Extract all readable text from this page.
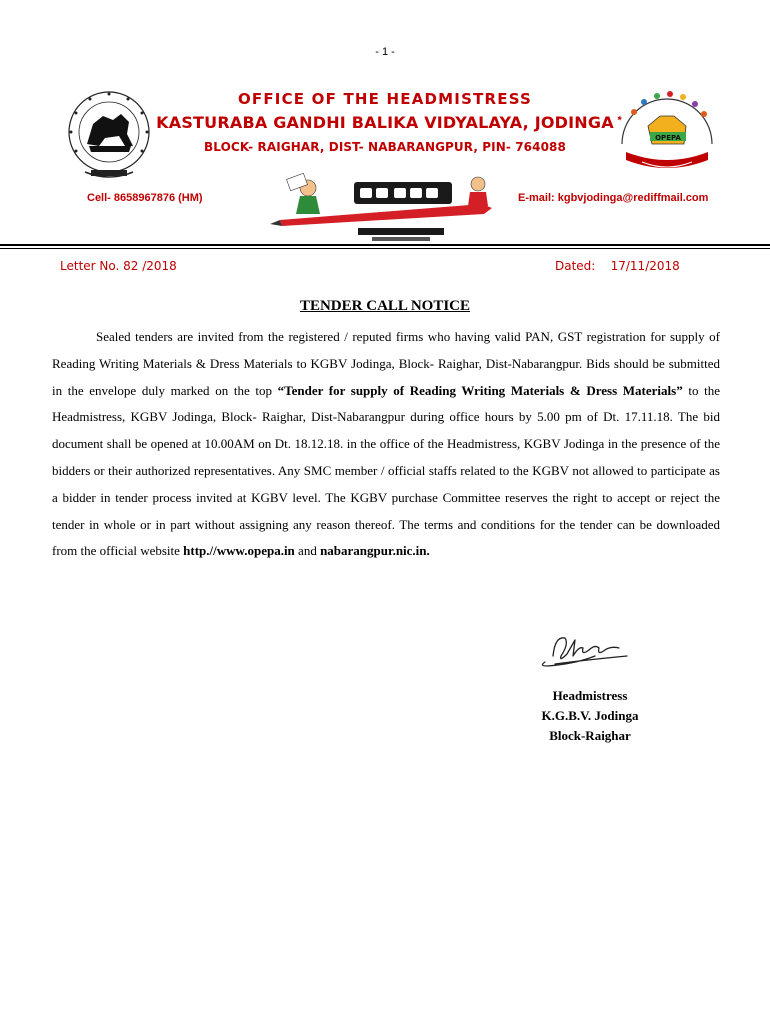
- 1 -
★
OPEPA
OFFICE OF THE HEADMISTRESS
KASTURABA GANDHI BALIKA VIDYALAYA, JODINGA
BLOCK- RAIGHAR, DIST- NABARANGPUR, PIN- 764088
Cell- 8658967876 (HM)	E-mail: kgbvjodinga@rediffmail.com
Letter No. 82 /2018	Dated: 17/11/2018
TENDER CALL NOTICE

Sealed tenders are invited from the registered / reputed firms who having valid PAN, GST registration for supply of Reading Writing Materials & Dress Materials to KGBV Jodinga, Block- Raighar, Dist-Nabarangpur. Bids should be submitted in the envelope duly marked on the top “Tender for supply of Reading Writing Materials & Dress Materials” to the Headmistress, KGBV Jodinga, Block- Raighar, Dist-Nabarangpur during office hours by 5.00 pm of Dt. 17.11.18. The bid document shall be opened at 10.00AM on Dt. 18.12.18. in the office of the Headmistress, KGBV Jodinga in the presence of the bidders or their authorized representatives. Any SMC member / official staffs related to the KGBV not allowed to participate as a bidder in tender process invited at KGBV level. The KGBV purchase Committee reserves the right to accept or reject the tender in whole or in part without assigning any reason thereof. The terms and conditions for the tender can be downloaded from the official website http.//www.opepa.in and nabarangpur.nic.in.

Headmistress
K.G.B.V. Jodinga
Block-Raighar
